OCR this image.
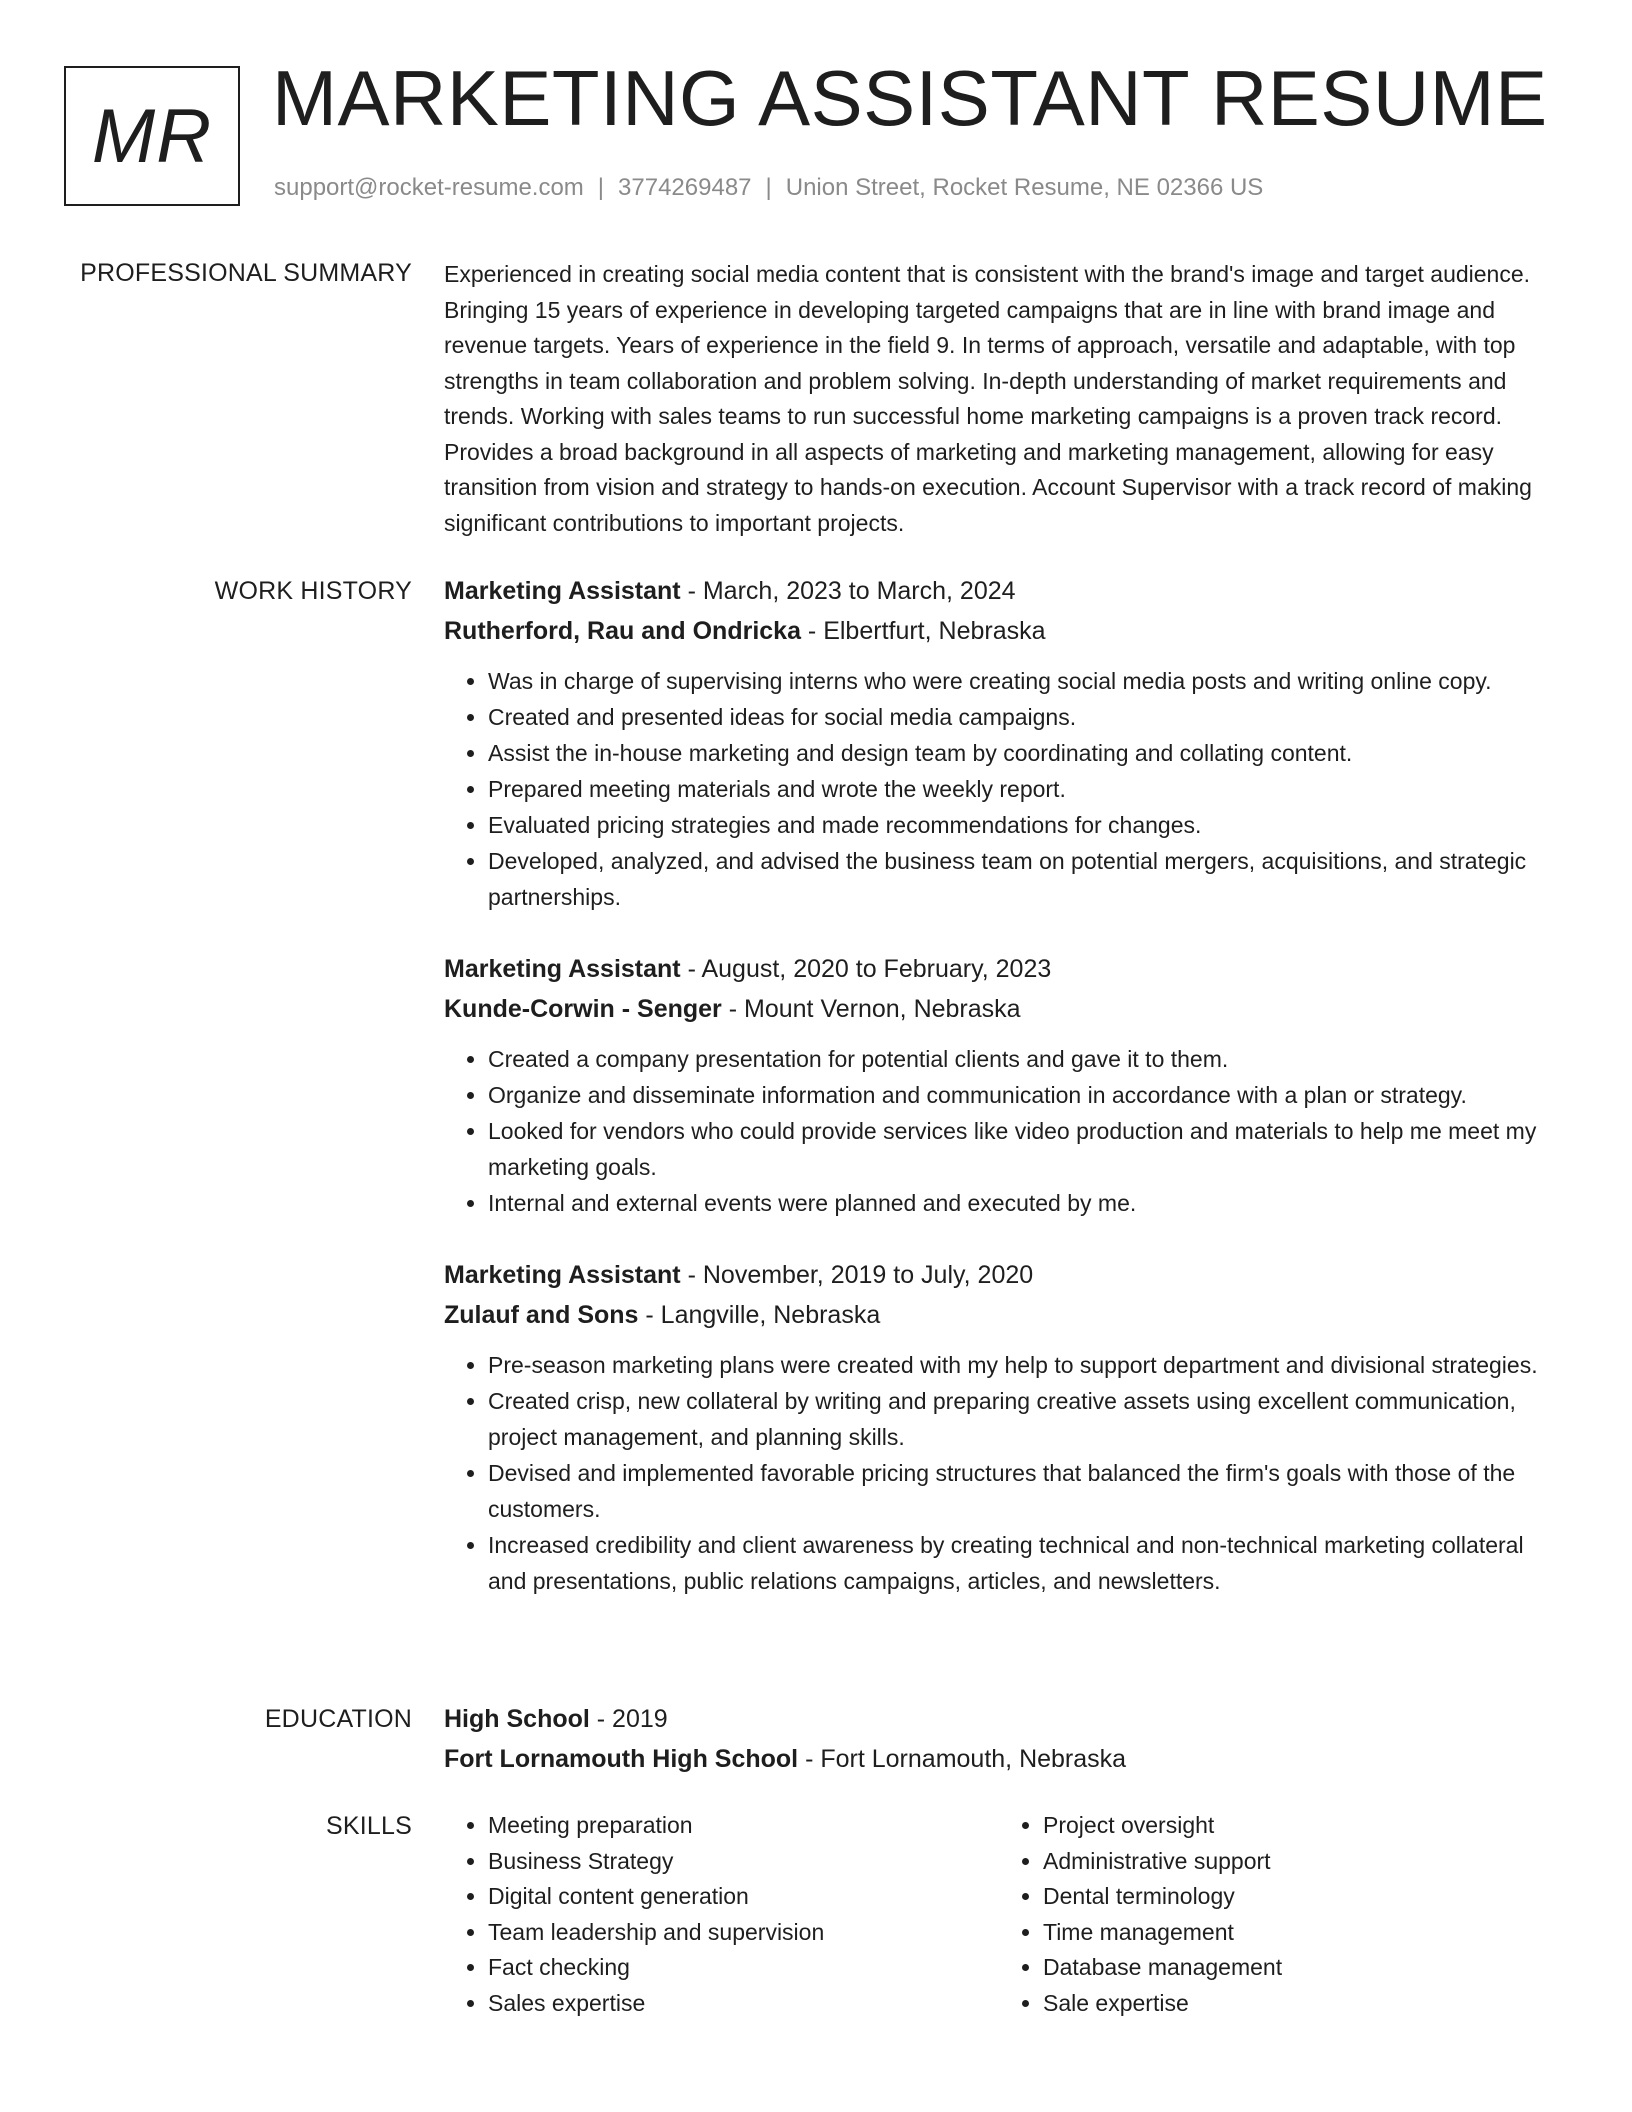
MR MARKETING ASSISTANT RESUME
support@rocket-resume.com | 3774269487 | Union Street, Rocket Resume, NE 02366 US
PROFESSIONAL SUMMARY Experienced in creating social media content that is consistent with the brand's image and target audience. Bringing 15 years of experience in developing targeted campaigns that are in line with brand image and revenue targets. Years of experience in the field 9. In terms of approach, versatile and adaptable, with top strengths in team collaboration and problem solving. In-depth understanding of market requirements and trends. Working with sales teams to run successful home marketing campaigns is a proven track record. Provides a broad background in all aspects of marketing and marketing management, allowing for easy transition from vision and strategy to hands-on execution. Account Supervisor with a track record of making significant contributions to important projects.

WORK HISTORY Marketing Assistant - March, 2023 to March, 2024
Rutherford, Rau and Ondricka - Elbertfurt, Nebraska
• Was in charge of supervising interns who were creating social media posts and writing online copy.
• Created and presented ideas for social media campaigns.
• Assist the in-house marketing and design team by coordinating and collating content.
• Prepared meeting materials and wrote the weekly report.
• Evaluated pricing strategies and made recommendations for changes.
• Developed, analyzed, and advised the business team on potential mergers, acquisitions, and strategic partnerships.
Marketing Assistant - August, 2020 to February, 2023
Kunde-Corwin - Senger - Mount Vernon, Nebraska
• Created a company presentation for potential clients and gave it to them.
• Organize and disseminate information and communication in accordance with a plan or strategy.
• Looked for vendors who could provide services like video production and materials to help me meet my marketing goals.
• Internal and external events were planned and executed by me.
Marketing Assistant - November, 2019 to July, 2020
Zulauf and Sons - Langville, Nebraska
• Pre-season marketing plans were created with my help to support department and divisional strategies.
• Created crisp, new collateral by writing and preparing creative assets using excellent communication, project management, and planning skills.
• Devised and implemented favorable pricing structures that balanced the firm's goals with those of the customers.
• Increased credibility and client awareness by creating technical and non-technical marketing collateral and presentations, public relations campaigns, articles, and newsletters.
EDUCATION High School - 2019
Fort Lornamouth High School - Fort Lornamouth, Nebraska
SKILLS
•	Meeting preparation
• Business Strategy
• Digital content generation
• Team leadership and supervision
• Fact checking
• Sales expertise
• Project oversight
• Administrative support
• Dental terminology
• Time management
• Database management
• Sale expertise
